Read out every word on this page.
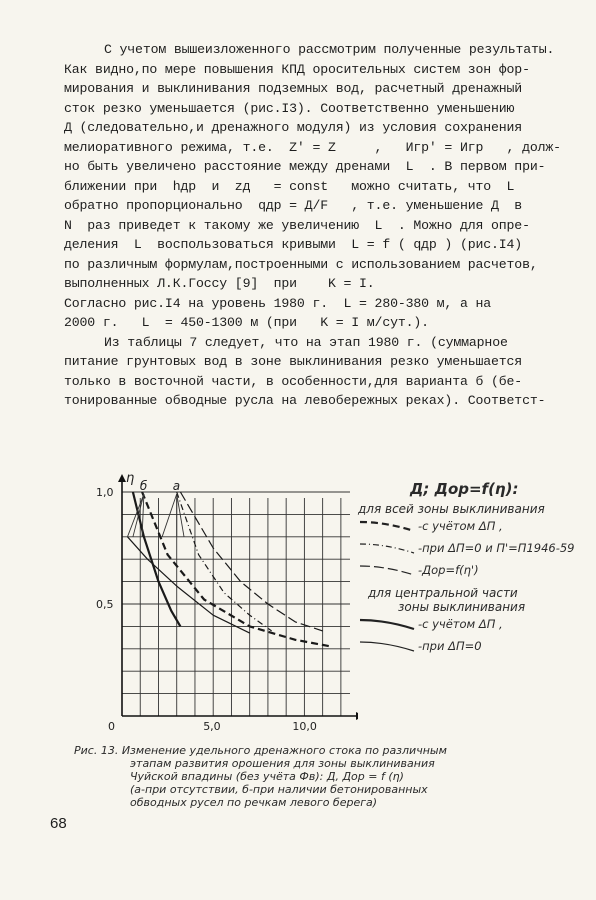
С учетом вышеизложенного рассмотрим полученные результаты.
Как видно,по мере повышения КПД оросительных систем зон фор-
мирования и выклинивания подземных вод, расчетный дренажный
сток резко уменьшается (рис.I3). Соответственно уменьшению
Д (следовательно,и дренажного модуля) из условия сохранения
мелиоративного режима, т.е.  Z' = Z     ,   Игр' = Игр   , долж-
но быть увеличено расстояние между дренами  L  . В первом при-
ближении при  hдр  и  zд   = const   можно считать, что  L
обратно пропорционально  qдр = Д/F   , т.е. уменьшение Д  в
N  раз приведет к такому же увеличению  L  . Можно для опре-
деления  L  воспользоваться кривыми  L = f ( qдр ) (рис.I4)
по различным формулам,построенными с использованием расчетов,
выполненных Л.К.Госсу [9]  при    K = I.
Согласно рис.I4 на уровень 1980 г.  L = 280-380 м, а на
2000 г.   L  = 450-1300 м (при   K = I м/сут.).
Из таблицы 7 следует, что на этап 1980 г. (суммарное
питание грунтовых вод в зоне выклинивания резко уменьшается
только в восточной части, в особенности,для варианта б (бе-
тонированные обводные русла на левобережных реках). Соответст-
0	5,0	10,0
0,5
1,0
η б а	Д; Дор=f(η):
для всей зоны выклинивания
-с учётом ΔП ,
-при ΔП=0 и П'=П1946-59
-Дор=f(η')
для центральной части
зоны выклинивания
-с учётом ΔП ,
-при ΔП=0
Рис. 13. Изменение удельного дренажного стока по различным
этапам развития орошения для зоны выклинивания
Чуйской впадины (без учёта Фв): Д, Дор = f (η)
(а-при отсутствии, б-при наличии бетонированных
обводных русел по речкам левого берега)
68
